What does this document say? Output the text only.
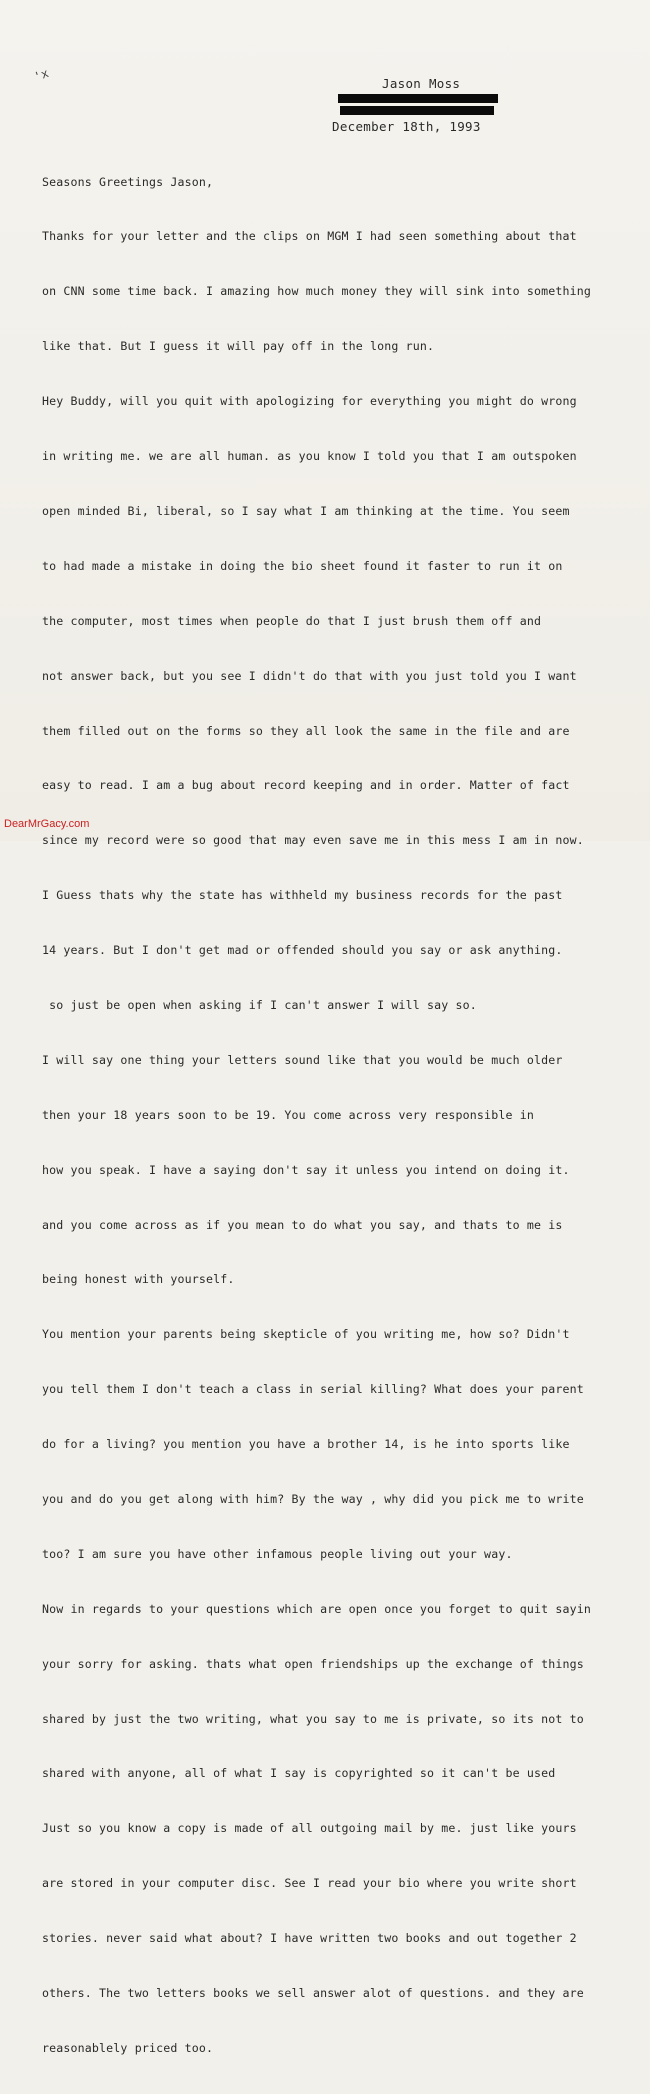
'x	Jason Moss
December 18th, 1993

Seasons Greetings Jason,

Thanks for your letter and the clips on MGM I had seen something about that

on CNN some time back. I amazing how much money they will sink into something

like that. But I guess it will pay off in the long run.

Hey Buddy, will you quit with apologizing for everything you might do wrong

in writing me. we are all human. as you know I told you that I am outspoken

open minded Bi, liberal, so I say what I am thinking at the time. You seem

to had made a mistake in doing the bio sheet found it faster to run it on

the computer, most times when people do that I just brush them off and

not answer back, but you see I didn't do that with you just told you I want

them filled out on the forms so they all look the same in the file and are

easy to read. I am a bug about record keeping and in order. Matter of fact

since my record were so good that may even save me in this mess I am in now.

I Guess thats why the state has withheld my business records for the past

14 years. But I don't get mad or offended should you say or ask anything.

so just be open when asking if I can't answer I will say so.

I will say one thing your letters sound like that you would be much older

then your 18 years soon to be 19. You come across very responsible in

how you speak. I have a saying don't say it unless you intend on doing it.

and you come across as if you mean to do what you say, and thats to me is

being honest with yourself.

You mention your parents being skepticle of you writing me, how so? Didn't

you tell them I don't teach a class in serial killing? What does your parent

do for a living? you mention you have a brother 14, is he into sports like

you and do you get along with him? By the way , why did you pick me to write

too? I am sure you have other infamous people living out your way.

Now in regards to your questions which are open once you forget to quit sayin

your sorry for asking. thats what open friendships up the exchange of things

shared by just the two writing, what you say to me is private, so its not to

shared with anyone, all of what I say is copyrighted so it can't be used

Just so you know a copy is made of all outgoing mail by me. just like yours

are stored in your computer disc. See I read your bio where you write short

stories. never said what about? I have written two books and out together 2

others. The two letters books we sell answer alot of questions. and they are

reasonablely priced too.

DearMrGacy.com
